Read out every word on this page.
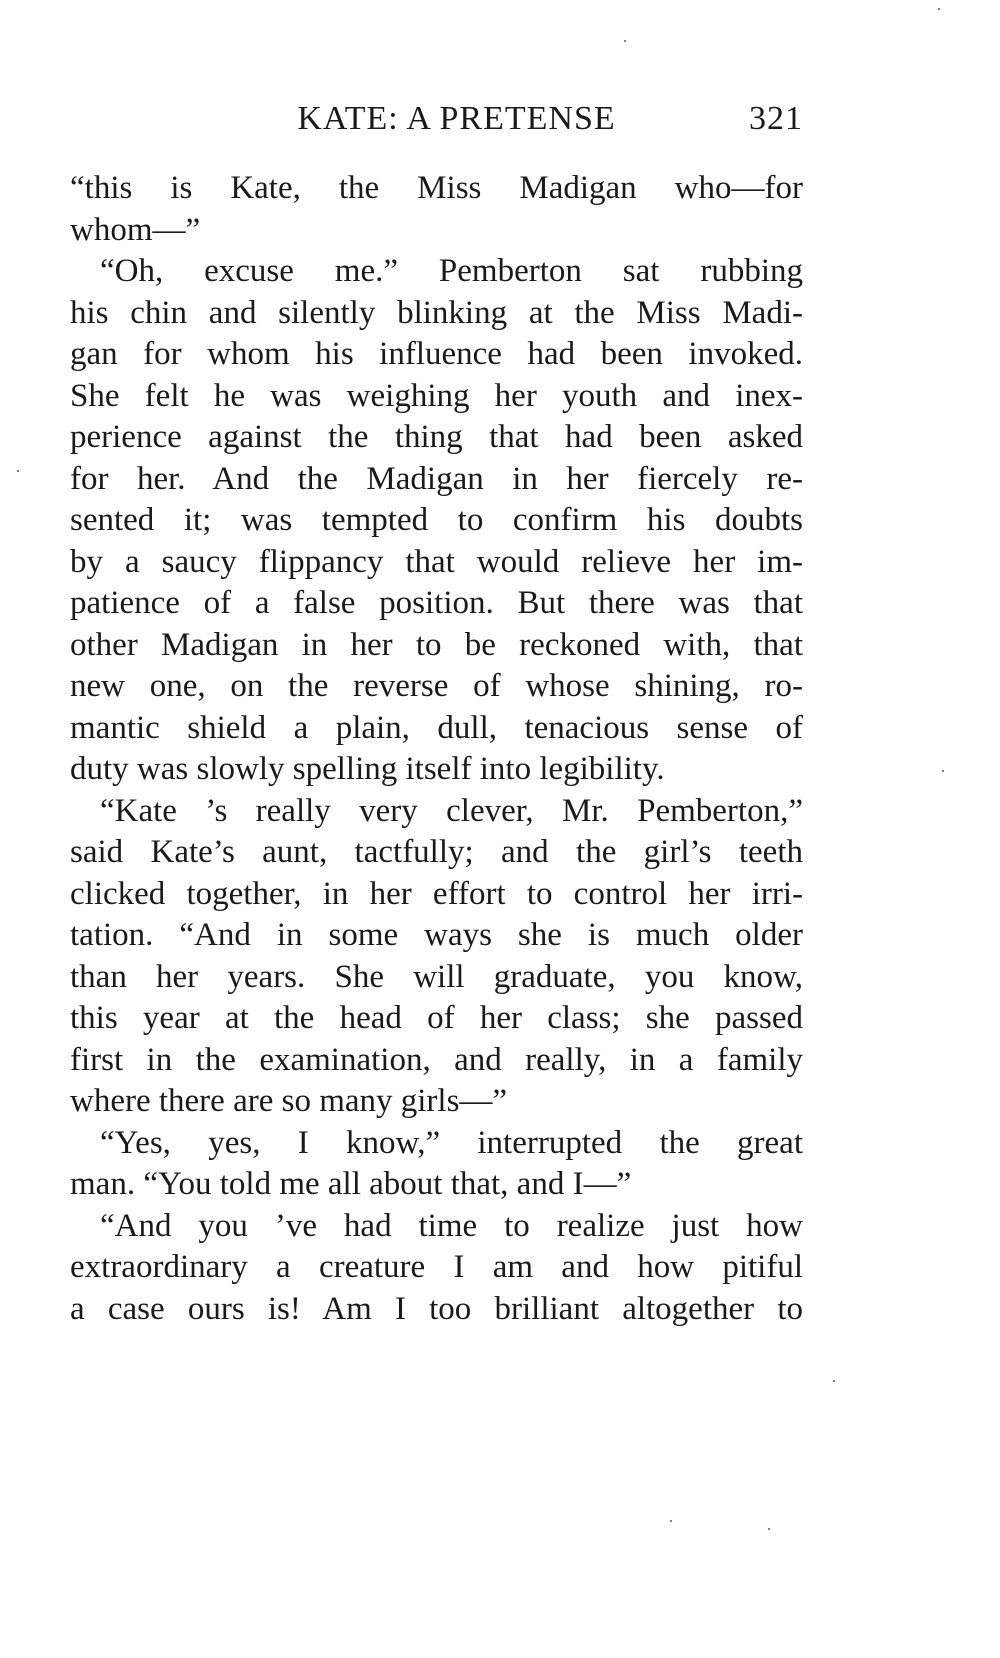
KATE: A PRETENSE	321
“this is Kate, the Miss Madigan who—for
whom—”
“Oh, excuse me.” Pemberton sat rubbing
his chin and silently blinking at the Miss Madi-
gan for whom his influence had been invoked.
She felt he was weighing her youth and inex-
perience against the thing that had been asked
for her. And the Madigan in her fiercely re-
sented it; was tempted to confirm his doubts
by a saucy flippancy that would relieve her im-
patience of a false position. But there was that
other Madigan in her to be reckoned with, that
new one, on the reverse of whose shining, ro-
mantic shield a plain, dull, tenacious sense of
duty was slowly spelling itself into legibility.
“Kate ’s really very clever, Mr. Pemberton,”
said Kate’s aunt, tactfully; and the girl’s teeth
clicked together, in her effort to control her irri-
tation. “And in some ways she is much older
than her years. She will graduate, you know,
this year at the head of her class; she passed
first in the examination, and really, in a family
where there are so many girls—”
“Yes, yes, I know,” interrupted the great
man. “You told me all about that, and I—”
“And you ’ve had time to realize just how
extraordinary a creature I am and how pitiful
a case ours is! Am I too brilliant altogether to
